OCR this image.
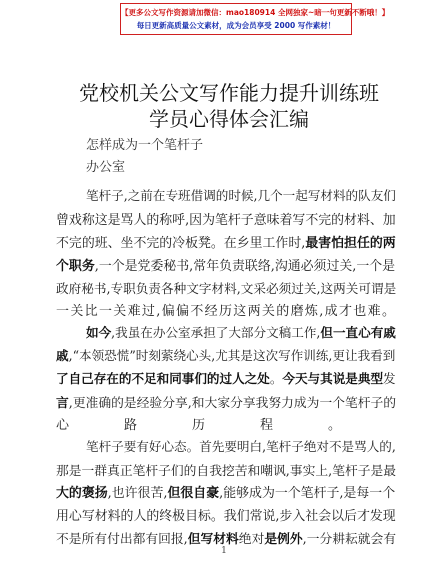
【更多公文写作资源请加微信：mao180914 全网独家~暗一句更新不断哦！】
每日更新高质量公文素材，成为会员享受 2000 写作素材！
党校机关公文写作能力提升训练班学员心得体会汇编
怎样成为一个笔杆子
办公室
笔杆子,之前在专班借调的时候,几个一起写材料的队友们
曾戏称这是骂人的称呼,因为笔杆子意味着写不完的材料、加
不完的班、坐不完的冷板凳。在乡里工作时,最害怕担任的两
个职务,一个是党委秘书,常年负责联络,沟通必须过关,一个是
政府秘书,专职负责各种文字材料,文采必须过关,这两关可谓是
一关比一关难过,偏偏不经历这两关的磨炼,成才也难。
如今,我虽在办公室承担了大部分文稿工作,但一直心有戚
戚,“本领恐慌”时刻萦绕心头,尤其是这次写作训练,更让我看到
了自己存在的不足和同事们的过人之处。今天与其说是典型发
言,更准确的是经验分享,和大家分享我努力成为一个笔杆子的
心路历程。
笔杆子要有好心态。首先要明白,笔杆子绝对不是骂人的,
那是一群真正笔杆子们的自我挖苦和嘲讽,事实上,笔杆子是最
大的褒扬,也许很苦,但很自豪,能够成为一个笔杆子,是每一个
用心写材料的人的终极目标。我们常说,步入社会以后才发现
不是所有付出都有回报,但写材料绝对是例外,一分耕耘就会有
1
